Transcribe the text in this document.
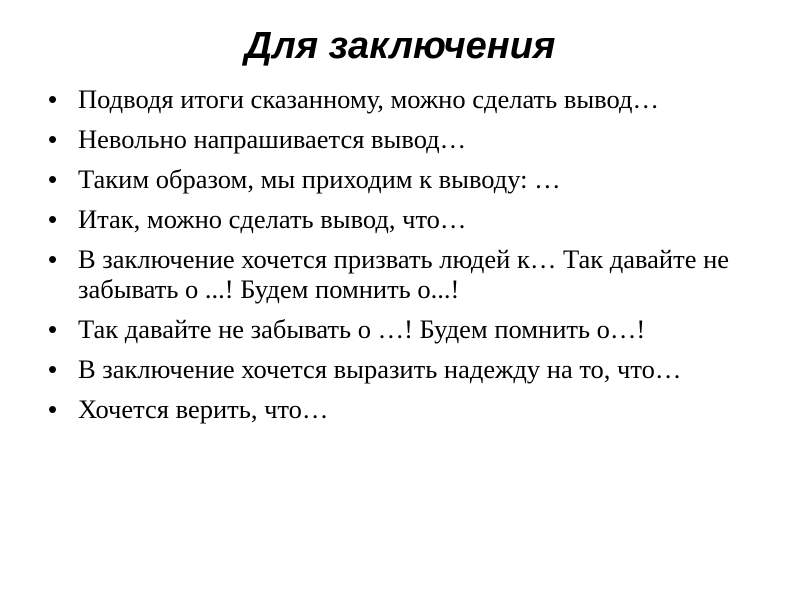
Для заключения
• Подводя итоги сказанному, можно сделать вывод…
• Невольно напрашивается вывод…
• Таким образом, мы приходим к выводу: …
• Итак, можно сделать вывод, что…
• В заключение хочется призвать людей к… Так давайте не забывать о ...! Будем помнить о...!
• Так давайте не забывать о …! Будем помнить о…!
• В заключение хочется выразить надежду на то, что…
• Хочется верить, что…
